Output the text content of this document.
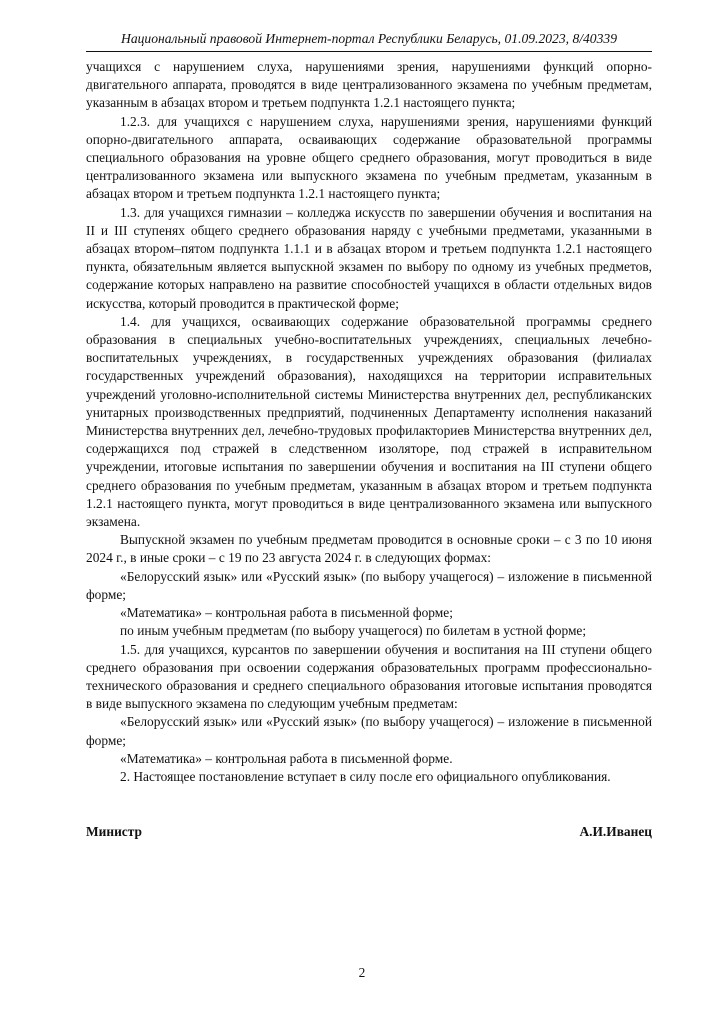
Национальный правовой Интернет-портал Республики Беларусь, 01.09.2023, 8/40339

учащихся с нарушением слуха, нарушениями зрения, нарушениями функций опорно-двигательного аппарата, проводятся в виде централизованного экзамена по учебным предметам, указанным в абзацах втором и третьем подпункта 1.2.1 настоящего пункта;

1.2.3. для учащихся с нарушением слуха, нарушениями зрения, нарушениями функций опорно-двигательного аппарата, осваивающих содержание образовательной программы специального образования на уровне общего среднего образования, могут проводиться в виде централизованного экзамена или выпускного экзамена по учебным предметам, указанным в абзацах втором и третьем подпункта 1.2.1 настоящего пункта;

1.3. для учащихся гимназии – колледжа искусств по завершении обучения и воспитания на II и III ступенях общего среднего образования наряду с учебными предметами, указанными в абзацах втором–пятом подпункта 1.1.1 и в абзацах втором и третьем подпункта 1.2.1 настоящего пункта, обязательным является выпускной экзамен по выбору по одному из учебных предметов, содержание которых направлено на развитие способностей учащихся в области отдельных видов искусства, который проводится в практической форме;

1.4. для учащихся, осваивающих содержание образовательной программы среднего образования в специальных учебно-воспитательных учреждениях, специальных лечебно-воспитательных учреждениях, в государственных учреждениях образования (филиалах государственных учреждений образования), находящихся на территории исправительных учреждений уголовно-исполнительной системы Министерства внутренних дел, республиканских унитарных производственных предприятий, подчиненных Департаменту исполнения наказаний Министерства внутренних дел, лечебно-трудовых профилакториев Министерства внутренних дел, содержащихся под стражей в следственном изоляторе, под стражей в исправительном учреждении, итоговые испытания по завершении обучения и воспитания на III ступени общего среднего образования по учебным предметам, указанным в абзацах втором и третьем подпункта 1.2.1 настоящего пункта, могут проводиться в виде централизованного экзамена или выпускного экзамена.

Выпускной экзамен по учебным предметам проводится в основные сроки – с 3 по 10 июня 2024 г., в иные сроки – с 19 по 23 августа 2024 г. в следующих формах:

«Белорусский язык» или «Русский язык» (по выбору учащегося) – изложение в письменной форме;

«Математика» – контрольная работа в письменной форме;

по иным учебным предметам (по выбору учащегося) по билетам в устной форме;

1.5. для учащихся, курсантов по завершении обучения и воспитания на III ступени общего среднего образования при освоении содержания образовательных программ профессионально-технического образования и среднего специального образования итоговые испытания проводятся в виде выпускного экзамена по следующим учебным предметам:

«Белорусский язык» или «Русский язык» (по выбору учащегося) – изложение в письменной форме;

«Математика» – контрольная работа в письменной форме.

2. Настоящее постановление вступает в силу после его официального опубликования.

Министр	А.И.Иванец
2
